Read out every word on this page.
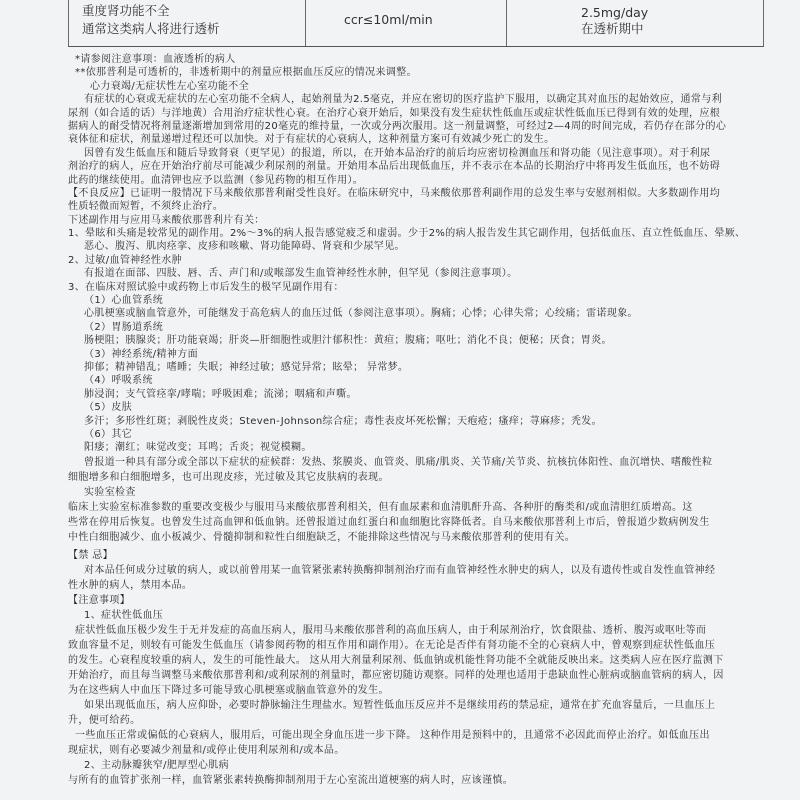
重度肾功能不全
通常这类病人将进行透析
ccr≤10ml/min	2.5mg/day
在透析期中
*请参阅注意事项：血液透析的病人
**依那普利是可透析的，非透析期中的剂量应根据血压反应的情况来调整。
心力衰竭/无症状性左心室功能不全
有症状的心衰或无症状的左心室功能不全病人，起始剂量为2.5毫克，并应在密切的医疗监护下服用，以确定其对血压的起始效应，通常与利
尿剂（如合适的话）与洋地黄）合用治疗症状性心衰。在治疗心衰开始后，如果没有发生症状性低血压或症状性低血压已得到有效的处理，应根
据病人的耐受情况将剂量逐渐增加到常用的20毫克的维持量，一次或分两次服用。这一剂量调整，可经过2—4周的时间完成，若仍存在部分的心
衰体征和症状，剂量递增过程还可以加快。对于有症状的心衰病人，这种剂量方案可有效减少死亡的发生。
因曾有发生低血压和随后导致肾衰（更罕见）的报道，所以，在开始本品治疗的前后均应密切检测血压和肾功能（见注意事项）。对于利尿
剂治疗的病人，应在开始治疗前尽可能减少利尿剂的剂量。开始用本品后出现低血压，并不表示在本品的长期治疗中将再发生低血压，也不妨碍
此药的继续使用。血清钾也应予以监测（参见药物的相互作用）。
【不良反应】已证明一般情况下马来酸依那普利耐受性良好。在临床研究中，马来酸依那普利副作用的总发生率与安慰剂相似。大多数副作用均
性质轻微而短暂，不须终止治疗。
下述副作用与应用马来酸依那普利片有关：
1、晕眩和头痛是较常见的副作用。2%～3%的病人报告感觉疲乏和虚弱。少于2%的病人报告发生其它副作用，包括低血压、直立性低血压、晕厥、
恶心、腹泻、肌肉痉挛、皮疹和咳嗽、肾功能障碍、肾衰和少尿罕见。
2、过敏/血管神经性水肿
有报道在面部、四肢、唇、舌、声门和/或喉部发生血管神经性水肿，但罕见（参阅注意事项）。
3、在临床对照试验中或药物上市后发生的极罕见副作用有：
（1）心血管系统
心肌梗塞或脑血管意外，可能继发于高危病人的血压过低（参阅注意事项）。胸痛；心悸；心律失常；心绞痛；雷诺现象。
（2）胃肠道系统
肠梗阻；胰腺炎；肝功能衰竭；肝炎—肝细胞性或胆汁郁积性：黄疸；腹痛；呕吐；消化不良；便秘；厌食；胃炎。
（3）神经系统/精神方面
抑郁；精神错乱；嗜睡；失眠；神经过敏；感觉异常；眩晕； 异常梦。
（4）呼吸系统
肺浸润；支气管痉挛/哮喘；呼吸困难；流涕；咽痛和声嘶。
（5）皮肤
多汗；多形性红斑；剥脱性皮炎；Steven-Johnson综合症；毒性表皮坏死松懈；天疱疮；瘙痒；荨麻疹；秃发。
（6）其它
阳痿；潮红；味觉改变；耳鸣；舌炎；视觉模糊。
曾报道一种具有部分或全部以下症状的症候群：发热、浆膜炎、血管炎、肌痛/肌炎、关节痛/关节炎、抗核抗体阳性、血沉增快、嗜酸性粒
细胞增多和白细胞增多，也可出现皮疹，光过敏及其它皮肤病的表现。
实验室检查
临床上实验室标准参数的重要改变极少与服用马来酸依那普利相关，但有血尿素和血清肌酐升高、各种肝的酶类和/或血清胆红质增高。这
些常在停用后恢复。也曾发生过高血钾和低血钠。还曾报道过血红蛋白和血细胞比容降低者。自马来酸依那普利上市后，曾报道少数病例发生
中性白细胞减少、血小板减少、骨髓抑制和粒性白细胞缺乏，不能排除这些情况与马来酸依那普利的使用有关。
【禁 忌】
对本品任何成分过敏的病人，或以前曾用某一血管紧张素转换酶抑制剂治疗而有血管神经性水肿史的病人，以及有遗传性或自发性血管神经
性水肿的病人，禁用本品。
【注意事项】
1、症状性低血压
症状性低血压极少发生于无并发症的高血压病人，服用马来酸依那普利的高血压病人，由于利尿剂治疗，饮食限盐、透析、腹泻或呕吐等而
致血容量不足，则较有可能发生低血压（请参阅药物的相互作用和副作用）。在无论是否伴有肾功能不全的心衰病人中，曾观察到症状性低血压
的发生。心衰程度较重的病人，发生的可能性最大。 这从用大剂量利尿剂、低血钠或机能性肾功能不全就能反映出来。这类病人应在医疗监测下
开始治疗，而且每当调整马来酸依那普利和/或利尿剂的剂量时，都应密切随访观察。同样的处理也适用于患缺血性心脏病或脑血管病的病人，因
为在这些病人中血压下降过多可能导致心肌梗塞或脑血管意外的发生。
如果出现低血压，病人应仰卧，必要时静脉输注生理盐水。短暂性低血压反应并不是继续用药的禁忌症，通常在扩充血容量后，一旦血压上
升，便可给药。
一些血压正常或偏低的心衰病人，服用后，可能出现全身血压进一步下降。 这种作用是预料中的，且通常不必因此而停止治疗。如低血压出
现症状，则有必要减少剂量和/或停止使用利尿剂和/或本品。
2、主动脉瓣狭窄/肥厚型心肌病
与所有的血管扩张剂一样，血管紧张素转换酶抑制剂用于左心室流出道梗塞的病人时，应该谨慎。
